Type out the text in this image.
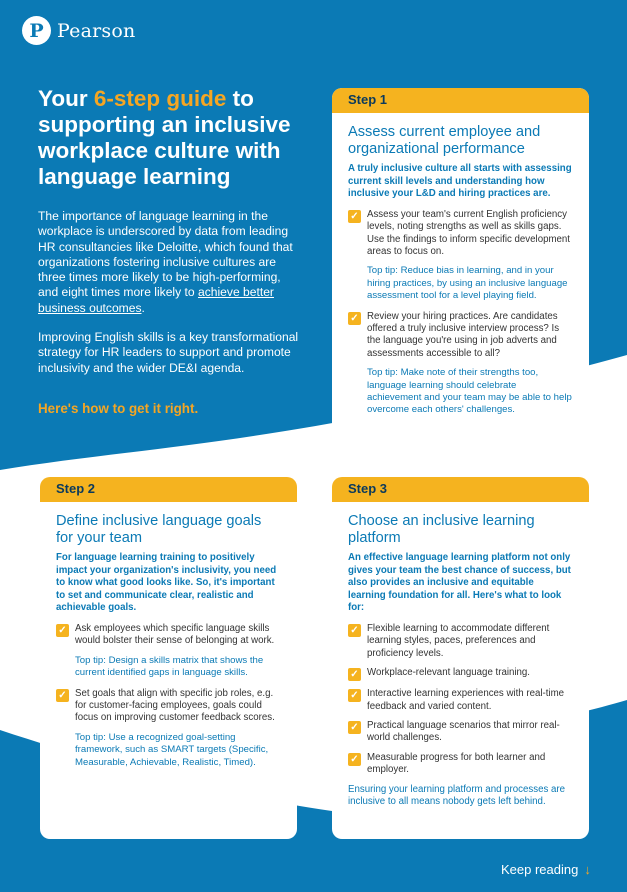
P Pearson
Your 6-step guide to supporting an inclusive workplace culture with language learning

The importance of language learning in the workplace is underscored by data from leading HR consultancies like Deloitte, which found that organizations fostering inclusive cultures are three times more likely to be high-performing, and eight times more likely to achieve better business outcomes.

Improving English skills is a key transformational strategy for HR leaders to support and promote inclusivity and the wider DE&I agenda.

Here's how to get it right.
Step 1
Assess current employee and organizational performance
A truly inclusive culture all starts with assessing current skill levels and understanding how inclusive your L&D and hiring practices are.
✓ Assess your team's current English proficiency levels, noting strengths as well as skills gaps. Use the findings to inform specific development areas to focus on.
Top tip: Reduce bias in learning, and in your hiring practices, by using an inclusive language assessment tool for a level playing field.
✓ Review your hiring practices. Are candidates offered a truly inclusive interview process? Is the language you're using in job adverts and assessments accessible to all?
Top tip: Make note of their strengths too, language learning should celebrate achievement and your team may be able to help overcome each others' challenges.
Step 2
Define inclusive language goals for your team
For language learning training to positively impact your organization's inclusivity, you need to know what good looks like. So, it's important to set and communicate clear, realistic and achievable goals.
✓ Ask employees which specific language skills would bolster their sense of belonging at work.
Top tip: Design a skills matrix that shows the current identified gaps in language skills.
✓ Set goals that align with specific job roles, e.g. for customer-facing employees, goals could focus on improving customer feedback scores.
Top tip: Use a recognized goal-setting framework, such as SMART targets (Specific, Measurable, Achievable, Realistic, Timed).
Step 3
Choose an inclusive learning platform
An effective language learning platform not only gives your team the best chance of success, but also provides an inclusive and equitable learning foundation for all. Here's what to look for:
✓ Flexible learning to accommodate different learning styles, paces, preferences and proficiency levels.
✓ Workplace-relevant language training.
✓ Interactive learning experiences with real-time feedback and varied content.
✓ Practical language scenarios that mirror real-world challenges.
✓ Measurable progress for both learner and employer.
Ensuring your learning platform and processes are inclusive to all means nobody gets left behind.
Keep reading ↓
